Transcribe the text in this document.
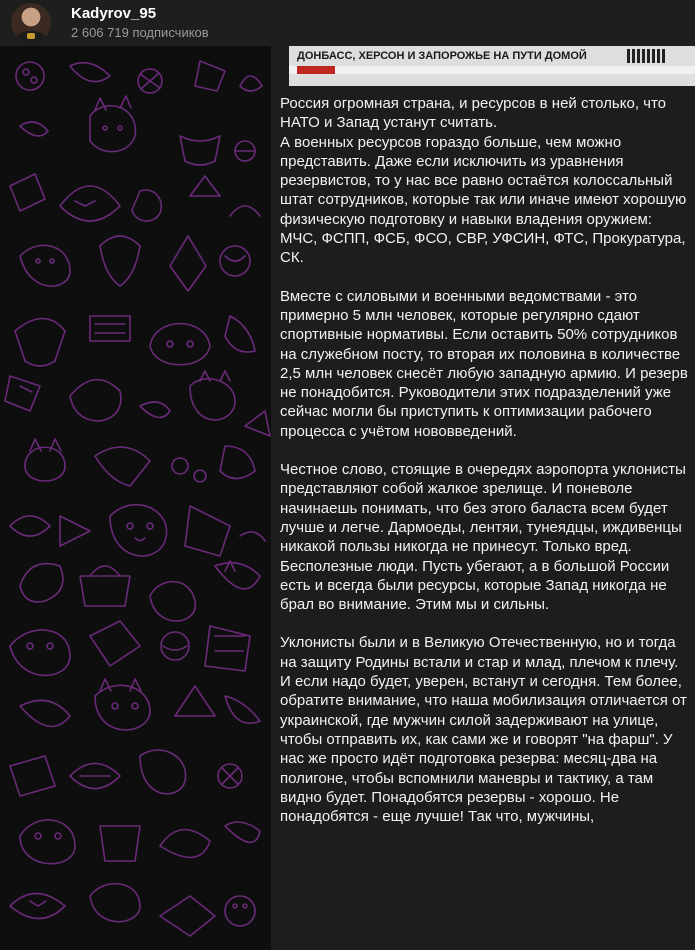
Kadyrov_95
2 606 719 подписчиков
ДОНБАСС, ХЕРСОН И ЗАПОРОЖЬЕ НА ПУТИ ДОМОЙ

Россия огромная страна, и ресурсов в ней столько, что НАТО и Запад устанут считать.

А военных ресурсов гораздо больше, чем можно представить. Даже если исключить из уравнения резервистов, то у нас все равно остаётся колоссальный штат сотрудников, которые так или иначе имеют хорошую физическую подготовку и навыки владения оружием: МЧС, ФСПП, ФСБ, ФСО, СВР, УФСИН, ФТС, Прокуратура, СК.

Вместе с силовыми и военными ведомствами - это примерно 5 млн человек, которые регулярно сдают спортивные нормативы. Если оставить 50% сотрудников на служебном посту, то вторая их половина в количестве 2,5 млн человек снесёт любую западную армию. И резерв не понадобится. Руководители этих подразделений уже сейчас могли бы приступить к оптимизации рабочего процесса с учётом нововведений.

Честное слово, стоящие в очередях аэропорта уклонисты представляют собой жалкое зрелище. И поневоле начинаешь понимать, что без этого баласта всем будет лучше и легче. Дармоеды, лентяи, тунеядцы, иждивенцы никакой пользы никогда не принесут. Только вред. Бесполезные люди. Пусть убегают, а в большой России есть и всегда были ресурсы, которые Запад никогда не брал во внимание. Этим мы и сильны.

Уклонисты были и в Великую Отечественную, но и тогда на защиту Родины встали и стар и млад, плечом к плечу. И если надо будет, уверен, встанут и сегодня. Тем более, обратите внимание, что наша мобилизация отличается от украинской, где мужчин силой задерживают на улице, чтобы отправить их, как сами же и говорят "на фарш". У нас же просто идёт подготовка резерва: месяц-два на полигоне, чтобы вспомнили маневры и тактику, а там видно будет. Понадобятся резервы - хорошо. Не понадобятся - еще лучше! Так что, мужчины,
